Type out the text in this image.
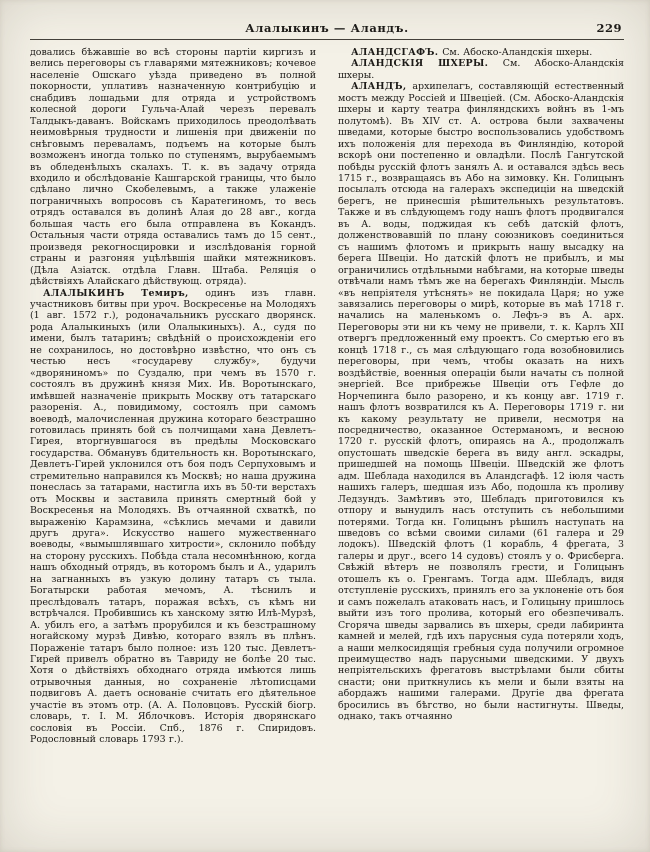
Алалыкинъ — Аландъ.	229

довались бѣжавшіе во всѣ стороны партіи киргизъ и велись переговоры съ главарями мятежниковъ; кочевое населеніе Ошскаго уѣзда приведено въ полной покорности, уплативъ назначенную контрибуцію и снабдивъ лошадьми для отряда и устройствомъ колесной дороги Гульча-Алай черезъ перевалъ Талдыкъ-даванъ. Войскамъ приходилось преодолѣвать неимовѣрныя трудности и лишенія при движеніи по снѣговымъ переваламъ, подъемъ на которые былъ возможенъ иногда только по ступенямъ, вырубаемымъ въ обледенѣлыхъ скалахъ. Т. к. въ задачу отряда входило и обслѣдованіе Кашгарской границы, что было сдѣлано лично Скобелевымъ, а также улаженіе пограничныхъ вопросовъ съ Каратегиномъ, то весь отрядъ оставался въ долинѣ Алая до 28 авг., когда большая часть его была отправлена въ Кокандъ. Остальныя части отряда оставались тамъ до 15 сент., произведя рекогносцировки и изслѣдованія горной страны и разгоняя уцѣлѣвшія шайки мятежниковъ. (Дѣла Азіатск. отдѣла Главн. Штаба. Реляція о дѣйствіяхъ Алайскаго дѣйствующ. отряда).

АЛАЛЫКИНЪ Темиръ, одинъ изъ главн. участниковъ битвы при уроч. Воскресенье на Молодяхъ (1 авг. 1572 г.), родоначальникъ русскаго дворянск. рода Алалыкиныхъ (или Олалыкиныхъ). А., судя по имени, былъ татаринъ; свѣдѣній о происхожденіи его не сохранилось, но достовѣрно извѣстно, что онъ съ честью несъ «государеву службу», будучи «дворяниномъ» по Суздалю, при чемъ въ 1570 г. состоялъ въ дружинѣ князя Мих. Ив. Воротынскаго, имѣвшей назначеніе прикрыть Москву отъ татарскаго разоренія. А., повидимому, состоялъ при самомъ воеводѣ, малочисленная дружина котораго безстрашно готовилась принять бой съ полчищами хана Девлетъ-Гирея, вторгнувшагося въ предѣлы Московскаго государства. Обманувъ бдительность кн. Воротынскаго, Девлетъ-Гирей уклонился отъ боя подъ Серпуховымъ и стремительно направился къ Москвѣ; но наша дружина понеслась за татарами, настигла ихъ въ 50-ти верстахъ отъ Москвы и заставила принять смертный бой у Воскресенья на Молодяхъ. Въ отчаянной схваткѣ, по выраженію Карамзина, «сѣклись мечами и давили другъ друга». Искусство нашего мужественнаго воеводы, «вымышлявшаго хитрости», склонило побѣду на сторону русскихъ. Побѣда стала несомнѣнною, когда нашъ обходный отрядъ, въ которомъ былъ и А., ударилъ на загнанныхъ въ узкую долину татаръ съ тыла. Богатырски работая мечомъ, А. тѣснилъ и преслѣдовалъ татаръ, поражая всѣхъ, съ кѣмъ ни встрѣчался. Пробившись къ ханскому зятю Илѣ-Мурзѣ, А. убилъ его, а затѣмъ прорубился и къ безстрашному ногайскому мурзѣ Дивѣю, котораго взялъ въ плѣнъ. Пораженіе татаръ было полное: изъ 120 тыс. Девлетъ-Гирей привелъ обратно въ Тавриду не болѣе 20 тыс. Хотя о дѣйствіяхъ обходнаго отряда имѣются лишь отрывочныя данныя, но сохраненіе лѣтописцами подвиговъ А. даетъ основаніе считать его дѣятельное участіе въ этомъ отр. (А. А. Половцовъ. Русскій біогр. словарь, т. I. М. Яблочковъ. Исторія дворянскаго сословія въ Россіи. Спб., 1876 г. Спиридовъ. Родословный словарь 1793 г.).

АЛАНДСГАФЪ. См. Абоско-Аландскія шхеры.

АЛАНДСКІЯ ШХЕРЫ. См. Абоско-Аландскія шхеры.

АЛАНДЪ, архипелагъ, составляющій естественный мостъ между Россіей и Швеціей. (См. Абоско-Аландскія шхеры и карту театра финляндскихъ войнъ въ 1-мъ полутомѣ). Въ XIV ст. А. острова были захвачены шведами, которые быстро воспользовались удобствомъ ихъ положенія для перехода въ Финляндію, которой вскорѣ они постепенно и овладѣли. Послѣ Гангутской побѣды русскій флотъ занялъ А. и оставался здѣсь весь 1715 г., возвращаясь въ Або на зимовку. Кн. Голицынъ посылалъ отсюда на галерахъ экспедиціи на шведскій берегъ, не принесшія рѣшительныхъ результатовъ. Также и въ слѣдующемъ году нашъ флотъ продвигался въ А. воды, поджидая къ себѣ датскій флотъ, долженствовавшій по плану союзниковъ соединиться съ нашимъ флотомъ и прикрыть нашу высадку на берега Швеціи. Но датскій флотъ не прибылъ, и мы ограничились отдѣльными набѣгами, на которые шведы отвѣчали намъ тѣмъ же на берегахъ Финляндіи. Мысль «въ непріятеля утѣснять» не покидала Царя; но уже завязались переговоры о мирѣ, которые въ маѣ 1718 г. начались на маленькомъ о. Лефъ-э въ А. арх. Переговоры эти ни къ чему не привели, т. к. Карлъ XII отвергъ предложенный ему проектъ. Со смертью его въ концѣ 1718 г., съ мая слѣдующаго года возобновились переговоры, при чемъ, чтобы оказать на нихъ воздѣйствіе, военныя операціи были начаты съ полной энергіей. Все прибрежье Швеціи отъ Гефле до Норчепинга было разорено, и къ концу авг. 1719 г. нашъ флотъ возвратился къ А. Переговоры 1719 г. ни къ какому результату не привели, несмотря на посредничество, оказанное Остерманомъ, и весною 1720 г. русскій флотъ, опираясь на А., продолжалъ опустошать шведскіе берега въ виду англ. эскадры, пришедшей на помощь Швеціи. Шведскій же флотъ адм. Шеблада находился въ Аландсгафѣ. 12 іюля часть нашихъ галеръ, шедшая изъ Або, подошла къ проливу Ледзундъ. Замѣтивъ это, Шебладъ приготовился къ отпору и вынудилъ насъ отступить съ небольшими потерями. Тогда кн. Голицынъ рѣшилъ наступать на шведовъ со всѣми своими силами (61 галера и 29 лодокъ). Шведскій флотъ (1 корабль, 4 фрегата, 3 галеры и друг., всего 14 судовъ) стоялъ у о. Фрисберга. Свѣжій вѣтеръ не позволялъ грести, и Голицынъ отошелъ къ о. Гренгамъ. Тогда адм. Шебладъ, видя отступленіе русскихъ, принялъ его за уклоненіе отъ боя и самъ пожелалъ атаковать насъ, и Голицыну пришлось выйти изъ того пролива, который его обезпечивалъ. Сгоряча шведы зарвались въ шхеры, среди лабиринта камней и мелей, гдѣ ихъ парусныя суда потеряли ходъ, а наши мелкосидящія гребныя суда получили огромное преимущество надъ парусными шведскими. У двухъ непріятельскихъ фрегатовъ выстрѣлами были сбиты снасти; они приткнулись къ мели и были взяты на абордажъ нашими галерами. Другіе два фрегата бросились въ бѣгство, но были настигнуты. Шведы, однако, такъ отчаянно
